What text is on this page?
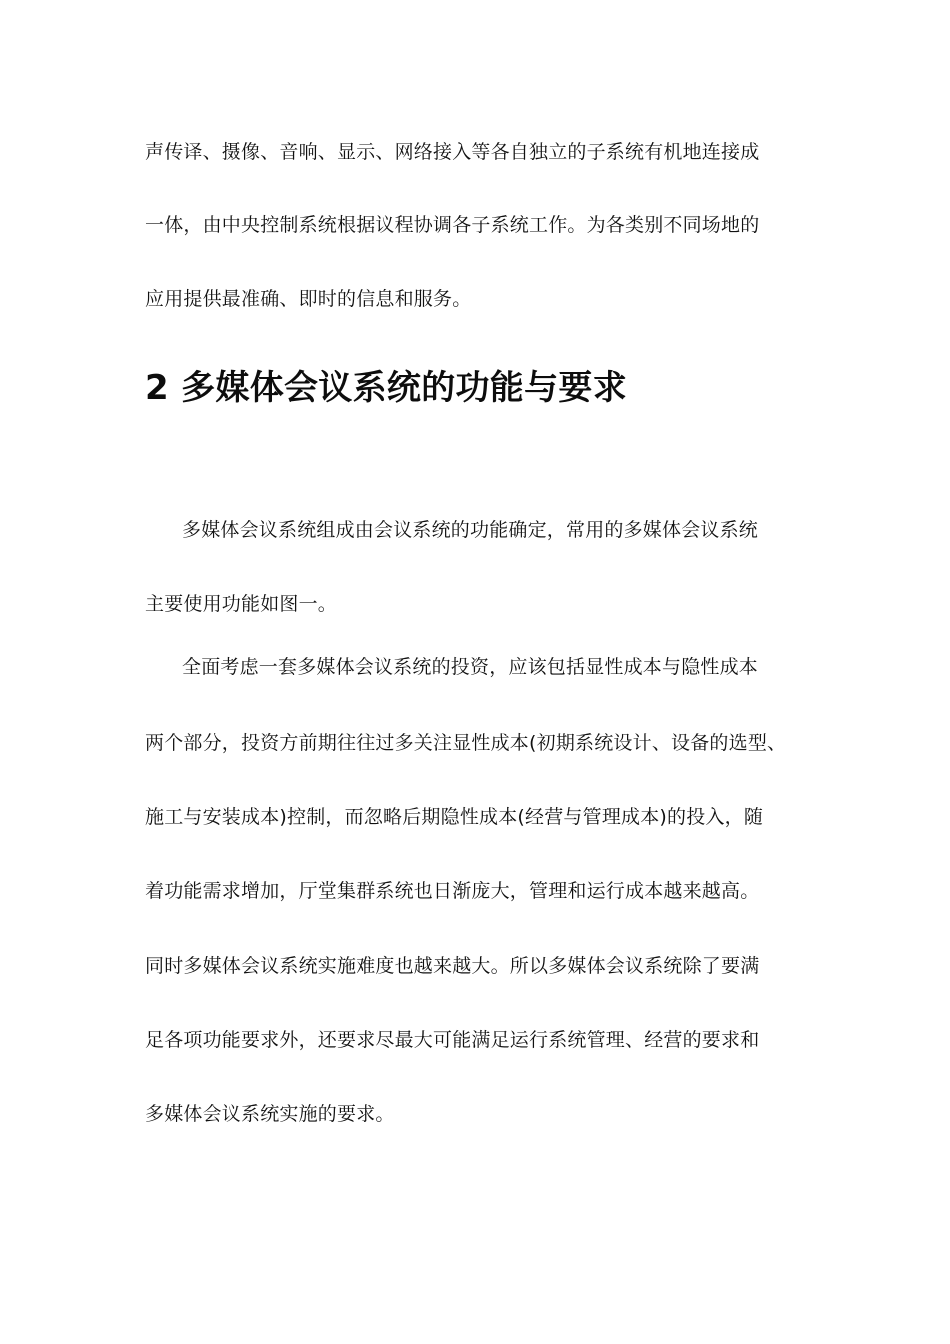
声传译、摄像、音响、显示、网络接入等各自独立的子系统有机地连接成
一体，由中央控制系统根据议程协调各子系统工作。为各类别不同场地的
应用提供最准确、即时的信息和服务。
2 多媒体会议系统的功能与要求
多媒体会议系统组成由会议系统的功能确定，常用的多媒体会议系统
主要使用功能如图一。
全面考虑一套多媒体会议系统的投资，应该包括显性成本与隐性成本
两个部分，投资方前期往往过多关注显性成本(初期系统设计、设备的选型、
施工与安装成本)控制，而忽略后期隐性成本(经营与管理成本)的投入，随
着功能需求增加，厅堂集群系统也日渐庞大，管理和运行成本越来越高。
同时多媒体会议系统实施难度也越来越大。所以多媒体会议系统除了要满
足各项功能要求外，还要求尽最大可能满足运行系统管理、经营的要求和
多媒体会议系统实施的要求。
